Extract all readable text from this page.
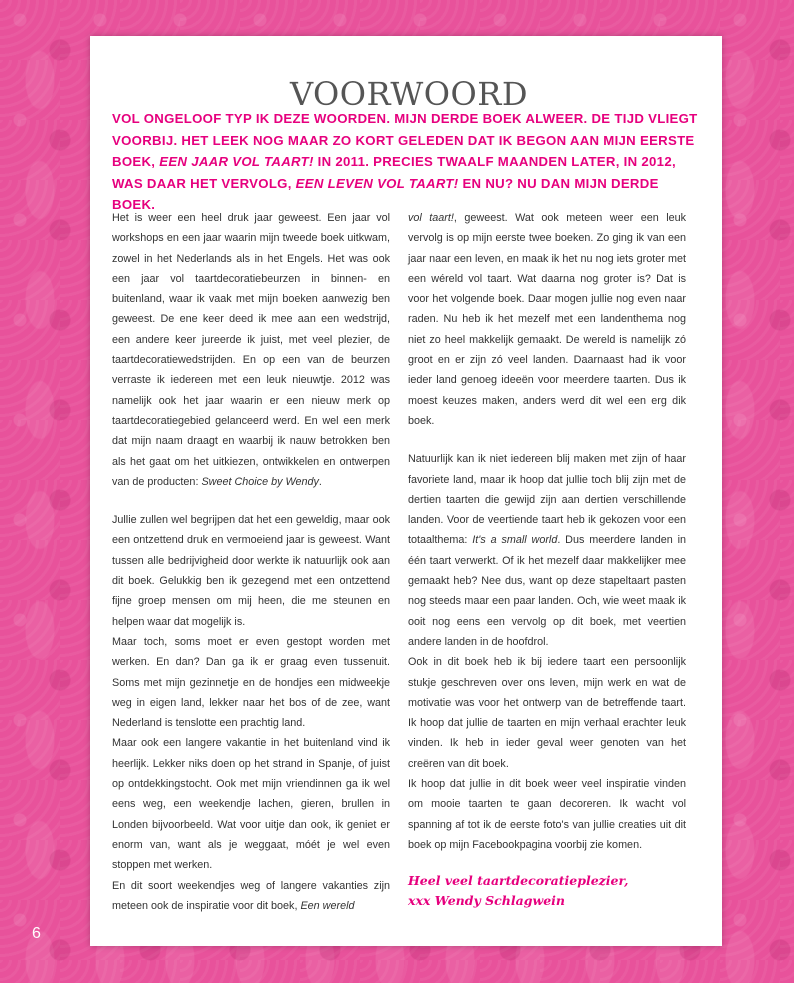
VOORWOORD
VOL ONGELOOF TYP IK DEZE WOORDEN. MIJN DERDE BOEK ALWEER. DE TIJD VLIEGT VOORBIJ. HET LEEK NOG MAAR ZO KORT GELEDEN DAT IK BEGON AAN MIJN EERSTE BOEK, EEN JAAR VOL TAART! IN 2011. PRECIES TWAALF MAANDEN LATER, IN 2012, WAS DAAR HET VERVOLG, EEN LEVEN VOL TAART! EN NU? NU DAN MIJN DERDE BOEK.

Het is weer een heel druk jaar geweest. Een jaar vol workshops en een jaar waarin mijn tweede boek uitkwam, zowel in het Nederlands als in het Engels. Het was ook een jaar vol taartdecoratiebeurzen in binnen- en buitenland, waar ik vaak met mijn boeken aanwezig ben geweest. De ene keer deed ik mee aan een wedstrijd, een andere keer jureerde ik juist, met veel plezier, de taartdecoratiewedstrijden. En op een van de beurzen verraste ik iedereen met een leuk nieuwtje. 2012 was namelijk ook het jaar waarin er een nieuw merk op taartdecoratiegebied gelanceerd werd. En wel een merk dat mijn naam draagt en waarbij ik nauw betrokken ben als het gaat om het uitkiezen, ontwikkelen en ontwerpen van de producten: Sweet Choice by Wendy.

Jullie zullen wel begrijpen dat het een geweldig, maar ook een ontzettend druk en vermoeiend jaar is geweest. Want tussen alle bedrijvigheid door werkte ik natuurlijk ook aan dit boek. Gelukkig ben ik gezegend met een ontzettend fijne groep mensen om mij heen, die me steunen en helpen waar dat mogelijk is.

Maar toch, soms moet er even gestopt worden met werken. En dan? Dan ga ik er graag even tussenuit. Soms met mijn gezinnetje en de hondjes een midweekje weg in eigen land, lekker naar het bos of de zee, want Nederland is tenslotte een prachtig land.

Maar ook een langere vakantie in het buitenland vind ik heerlijk. Lekker niks doen op het strand in Spanje, of juist op ontdekkingstocht. Ook met mijn vriendinnen ga ik wel eens weg, een weekendje lachen, gieren, brullen in Londen bijvoorbeeld. Wat voor uitje dan ook, ik geniet er enorm van, want als je weggaat, móét je wel even stoppen met werken.

En dit soort weekendjes weg of langere vakanties zijn meteen ook de inspiratie voor dit boek, Een wereld

vol taart!, geweest. Wat ook meteen weer een leuk vervolg is op mijn eerste twee boeken. Zo ging ik van een jaar naar een leven, en maak ik het nu nog iets groter met een wéreld vol taart. Wat daarna nog groter is? Dat is voor het volgende boek. Daar mogen jullie nog even naar raden. Nu heb ik het mezelf met een landenthema nog niet zo heel makkelijk gemaakt. De wereld is namelijk zó groot en er zijn zó veel landen. Daarnaast had ik voor ieder land genoeg ideeën voor meerdere taarten. Dus ik moest keuzes maken, anders werd dit wel een erg dik boek.

Natuurlijk kan ik niet iedereen blij maken met zijn of haar favoriete land, maar ik hoop dat jullie toch blij zijn met de dertien taarten die gewijd zijn aan dertien verschillende landen. Voor de veertiende taart heb ik gekozen voor een totaalthema: It's a small world. Dus meerdere landen in één taart verwerkt. Of ik het mezelf daar makkelijker mee gemaakt heb? Nee dus, want op deze stapeltaart pasten nog steeds maar een paar landen. Och, wie weet maak ik ooit nog eens een vervolg op dit boek, met veertien andere landen in de hoofdrol.

Ook in dit boek heb ik bij iedere taart een persoonlijk stukje geschreven over ons leven, mijn werk en wat de motivatie was voor het ontwerp van de betreffende taart. Ik hoop dat jullie de taarten en mijn verhaal erachter leuk vinden. Ik heb in ieder geval weer genoten van het creëren van dit boek.

Ik hoop dat jullie in dit boek weer veel inspiratie vinden om mooie taarten te gaan decoreren. Ik wacht vol spanning af tot ik de eerste foto's van jullie creaties uit dit boek op mijn Facebookpagina voorbij zie komen.

Heel veel taartdecoratieplezier,
xxx Wendy Schlagwein
6
